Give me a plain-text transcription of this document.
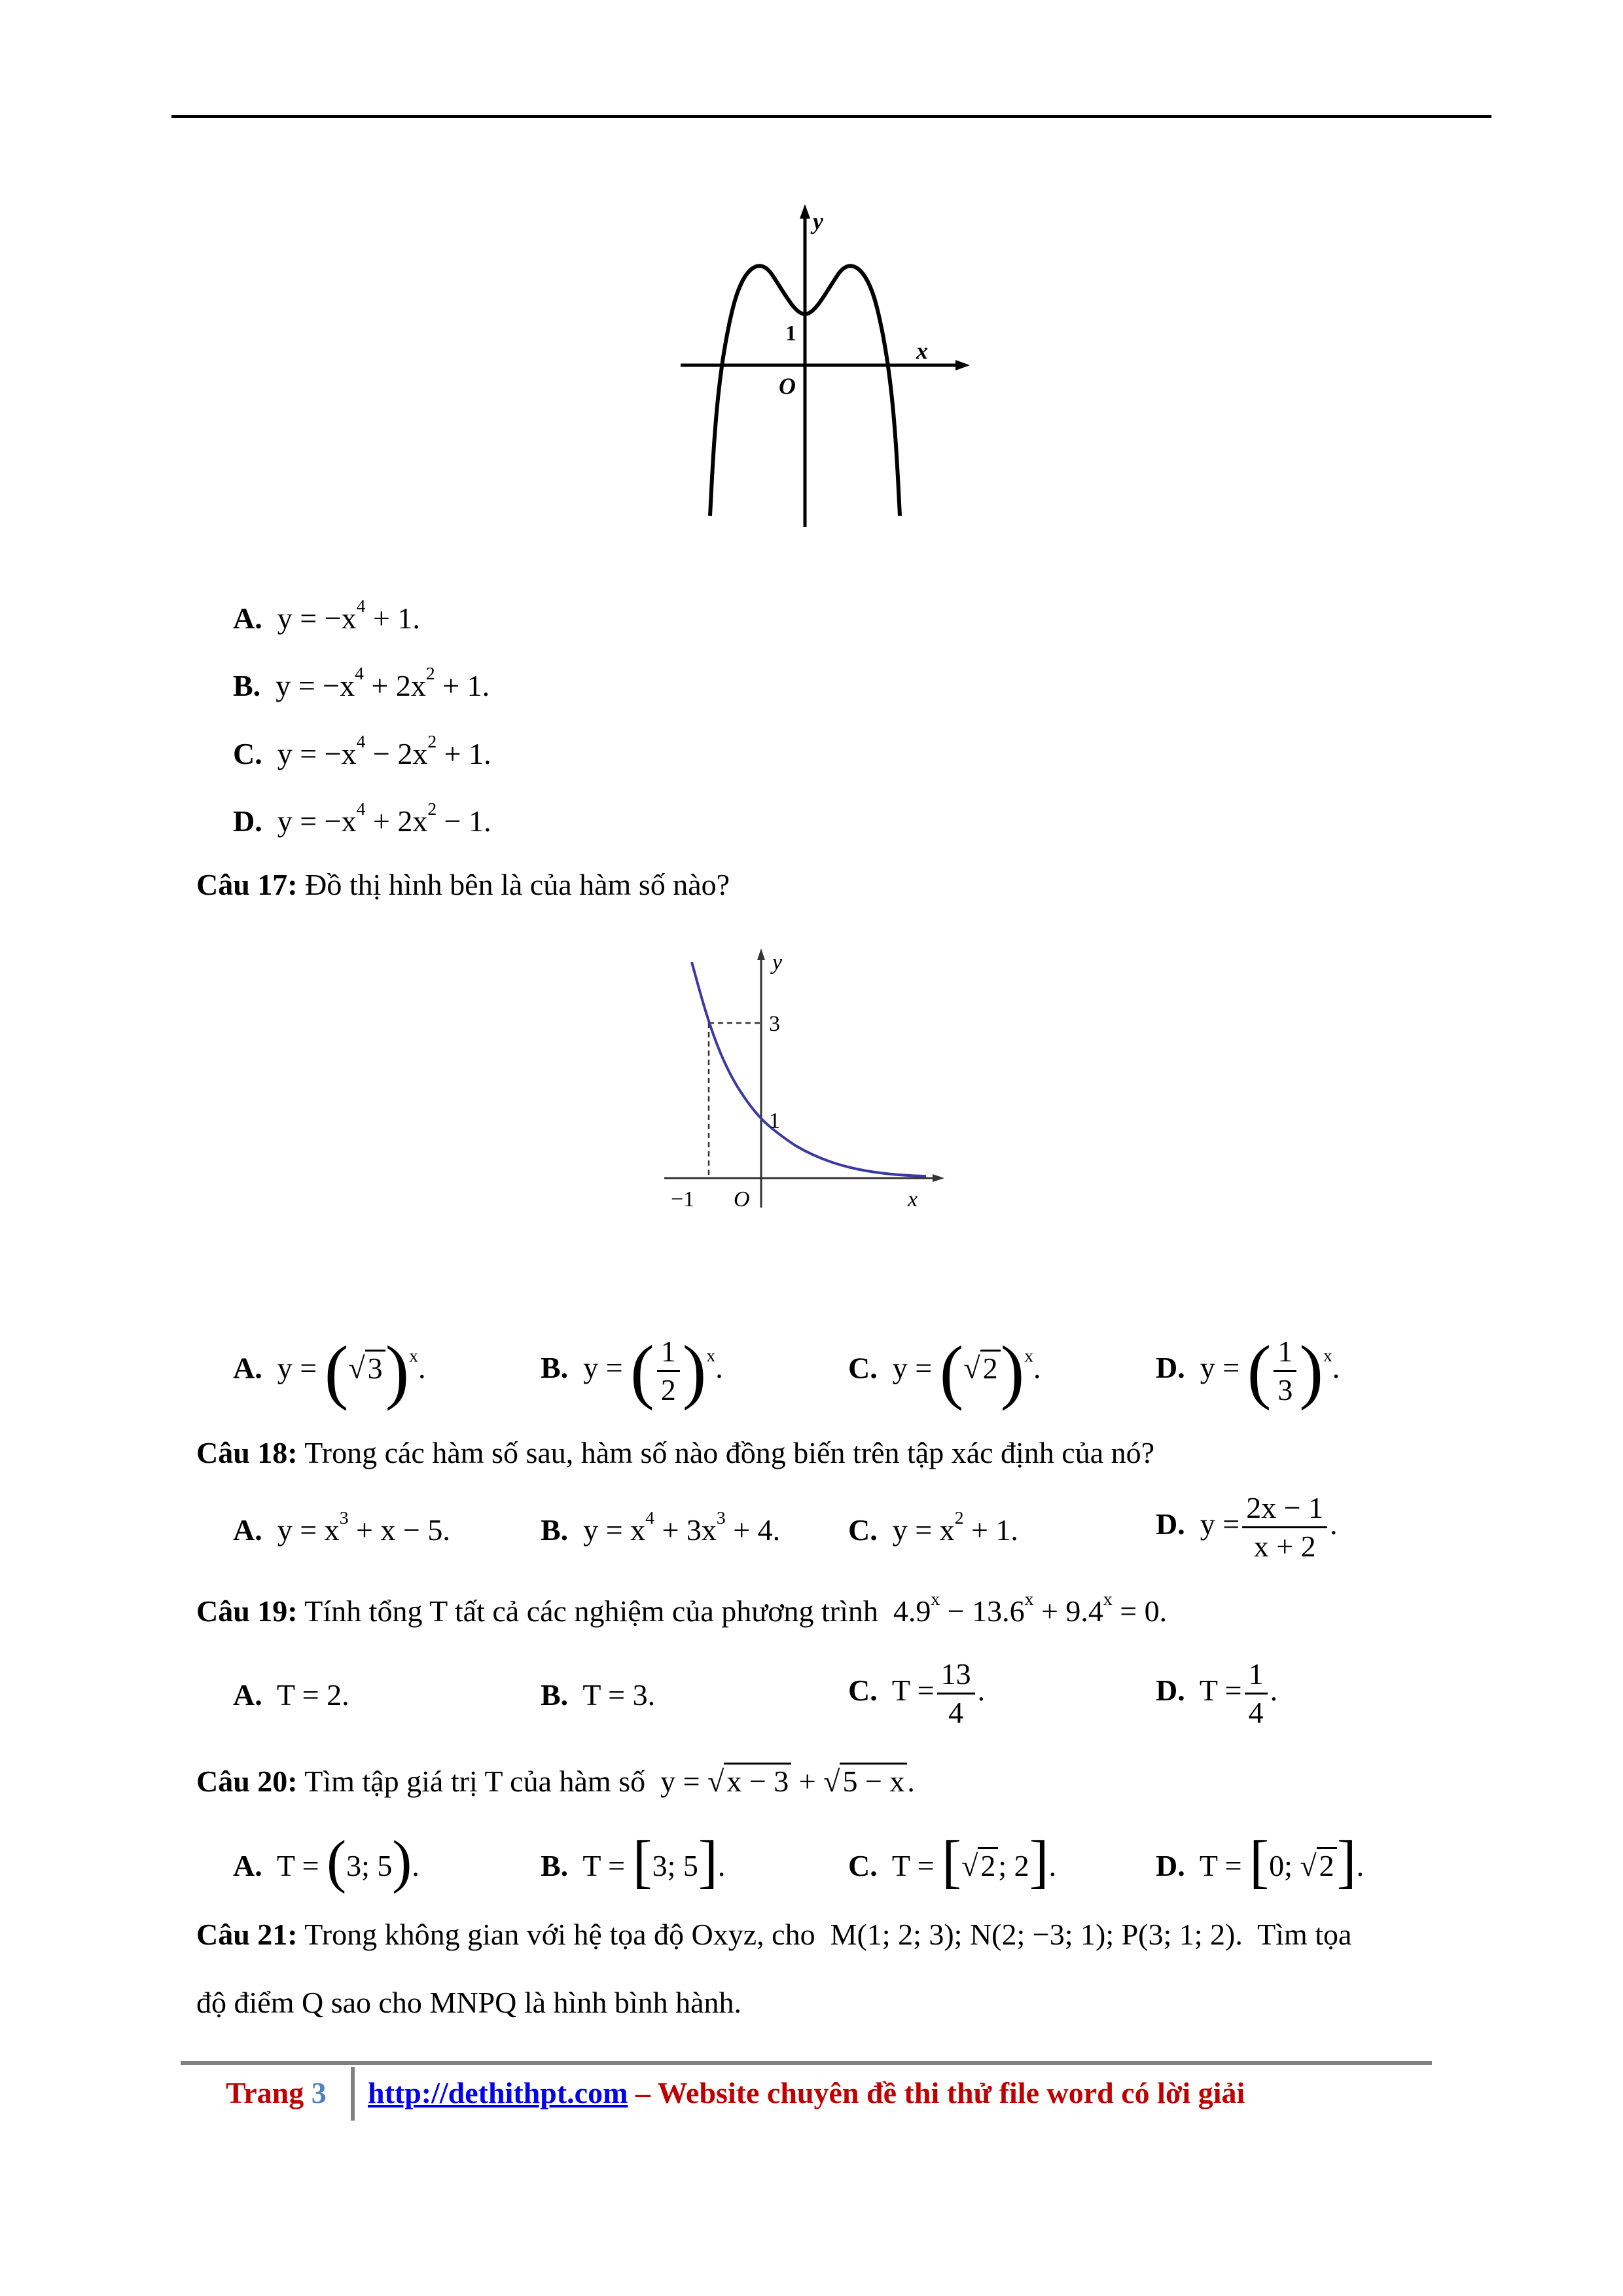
y
x
1
O
A. $y = -x^4 + 1$.
B. $y = -x^4 + 2x^2 + 1$.
C. $y = -x^4 - 2x^2 + 1$.
D. $y = -x^4 + 2x^2 - 1$.
Câu 17: Đồ thị hình bên là của hàm số nào?
y
3
1
−1 O	x
A. $y = (√3)^x$.	B. y = ( $\frac{1}{2} )^x$.	C. $y = (√2)^x$.	D. y = ( $\frac{1}{3} )^x$.
Câu 18: Trong các hàm số sau, hàm số nào đồng biến trên tập xác định của nó?
A. $y = x^3 + x - 5$.	B. $y = x^4 + 3x^3 + 4$. C. $y = x^2 + 1$.	D. $y = \frac{2x - 1}{x + 2}$ .
Câu 19: Tính tổng T tất cả các nghiệm của phương trình $4.9^x - 13.6^x + 9.4^x = 0$.
A. T = 2.	B. T = 3.	C. $T = \frac{13}{4}$ .	D. $T = \frac{1}{4}$ .
Câu 20: Tìm tập giá trị T của hàm số y = √x − 3 + √5 − x.
A. T = (3; 5).	B. T = [3; 5].	C. T = [√2; 2].	D. T = [0; √2].
Câu 21: Trong không gian với hệ tọa độ Oxyz, cho M(1; 2; 3); N(2; −3; 1); P(3; 1; 2). Tìm tọa
độ điểm Q sao cho MNPQ là hình bình hành.
Trang 3 http://dethithpt.com – Website chuyên đề thi thử file word có lời giải
